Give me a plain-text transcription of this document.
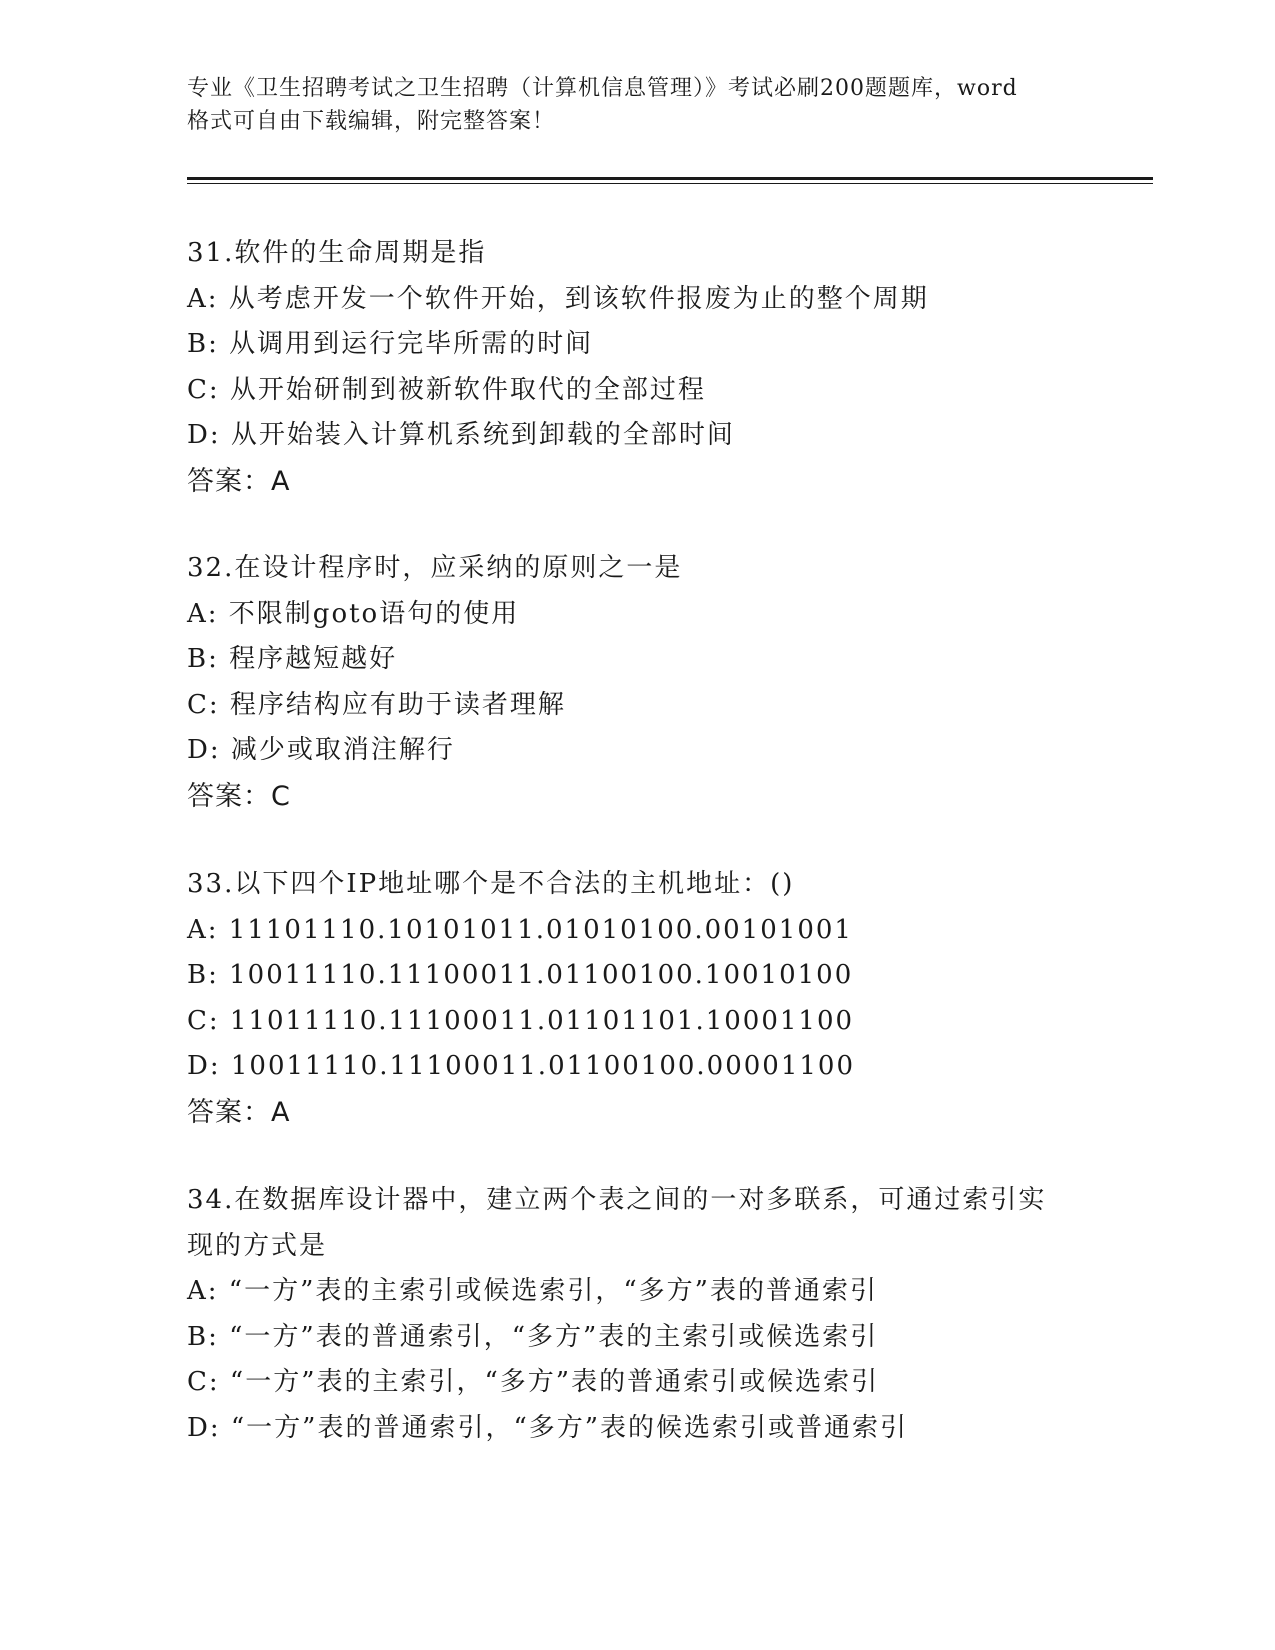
专业《卫生招聘考试之卫生招聘（计算机信息管理）》考试必刷200题题库，word
格式可自由下载编辑，附完整答案！
31.软件的生命周期是指
A: 从考虑开发一个软件开始，到该软件报废为止的整个周期
B: 从调用到运行完毕所需的时间
C: 从开始研制到被新软件取代的全部过程
D: 从开始装入计算机系统到卸载的全部时间
答案：A
32.在设计程序时，应采纳的原则之一是
A: 不限制goto语句的使用
B: 程序越短越好
C: 程序结构应有助于读者理解
D: 减少或取消注解行
答案：C
33.以下四个IP地址哪个是不合法的主机地址：()
A: 11101110.10101011.01010100.00101001
B: 10011110.11100011.01100100.10010100
C: 11011110.11100011.01101101.10001100
D: 10011110.11100011.01100100.00001100
答案：A
34.在数据库设计器中，建立两个表之间的一对多联系，可通过索引实
现的方式是
A: “一方”表的主索引或候选索引，“多方”表的普通索引
B: “一方”表的普通索引，“多方”表的主索引或候选索引
C: “一方”表的主索引，“多方”表的普通索引或候选索引
D: “一方”表的普通索引，“多方”表的候选索引或普通索引
